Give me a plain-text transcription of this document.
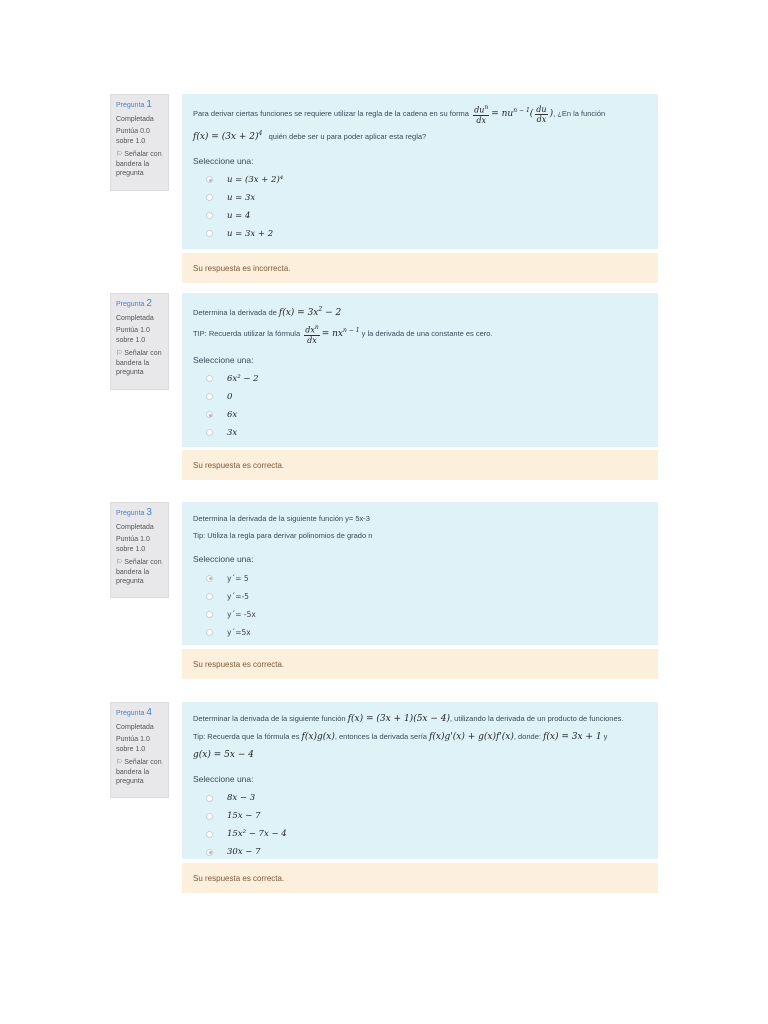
Pregunta 1
Completada
Puntúa 0.0 sobre 1.0
⚐ Señalar con bandera la pregunta
Para derivar ciertas funciones se requiere utilizar la regla de la cadena en su forma $\frac{du^n}{dx} = nu^{n - 1}( \frac{du}{dx}$ ), ¿En la función
$f(x) = (3x + 2)^4$ quién debe ser u para poder aplicar esta regla?
Seleccione una:
u = (3x + 2)⁴
u = 3x
u = 4
u = 3x + 2
Su respuesta es incorrecta.
Pregunta 2
Completada
Puntúa 1.0 sobre 1.0
⚐ Señalar con bandera la pregunta
Determina la derivada de $f(x) = 3x^2 - 2$
TIP: Recuerda utilizar la fórmula $\frac{dx^n}{dx} = nx^{n - 1}$ y la derivada de una constante es cero.
Seleccione una:
6x² − 2
0
6x
3x
Su respuesta es correcta.
Pregunta 3
Completada
Puntúa 1.0 sobre 1.0
⚐ Señalar con bandera la pregunta
Determina la derivada de la siguiente función y= 5x-3
Tip: Utiliza la regla para derivar polinomios de grado n
Seleccione una:
y´= 5
y´=-5
y´= -5x
y´=5x
Su respuesta es correcta.
Pregunta 4
Completada
Puntúa 1.0 sobre 1.0
⚐ Señalar con bandera la pregunta
Determinar la derivada de la siguiente función f(x) = (3x + 1)(5x − 4), utilizando la derivada de un producto de funciones.
Tip: Recuerda que la fórmula es f(x)g(x), entonces la derivada sería f(x)g'(x) + g(x)f'(x), donde: f(x) = 3x + 1 y
g(x) = 5x − 4
Seleccione una:
8x − 3
15x − 7
15x² − 7x − 4
30x − 7
Su respuesta es correcta.
